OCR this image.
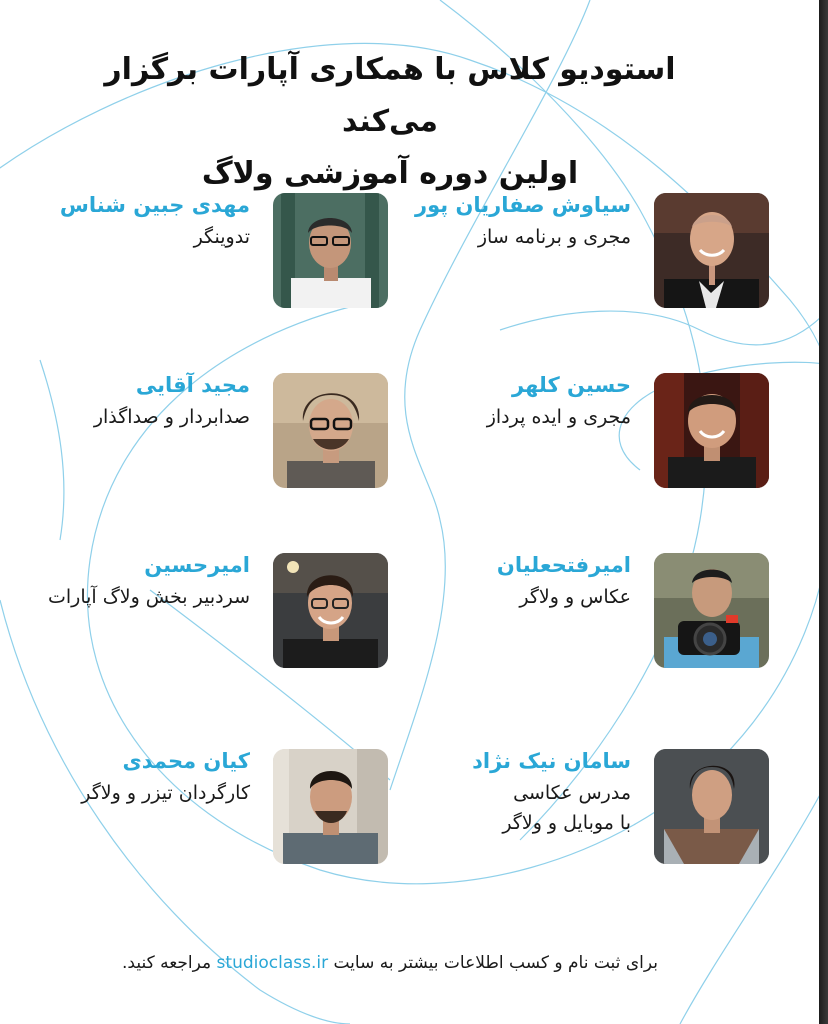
استودیو کلاس با همکاری آپارات برگزار می‌کند
اولین دوره آموزشی ولاگ
سیاوش صفاریان پور
مجری و برنامه ساز
مهدی جبین شناس
تدوینگر
حسین کلهر
مجری و ایده پرداز
مجید آقایی
صدابردار و صداگذار
امیرفتحعلیان
عکاس و ولاگر
امیرحسین
سردبیر بخش ولاگ آپارات
سامان نیک نژاد
مدرس عکاسی
با موبایل و ولاگر
کیان محمدی
کارگردان تیزر و ولاگر
برای ثبت نام و کسب اطلاعات بیشتر به سایت studioclass.ir مراجعه کنید.
